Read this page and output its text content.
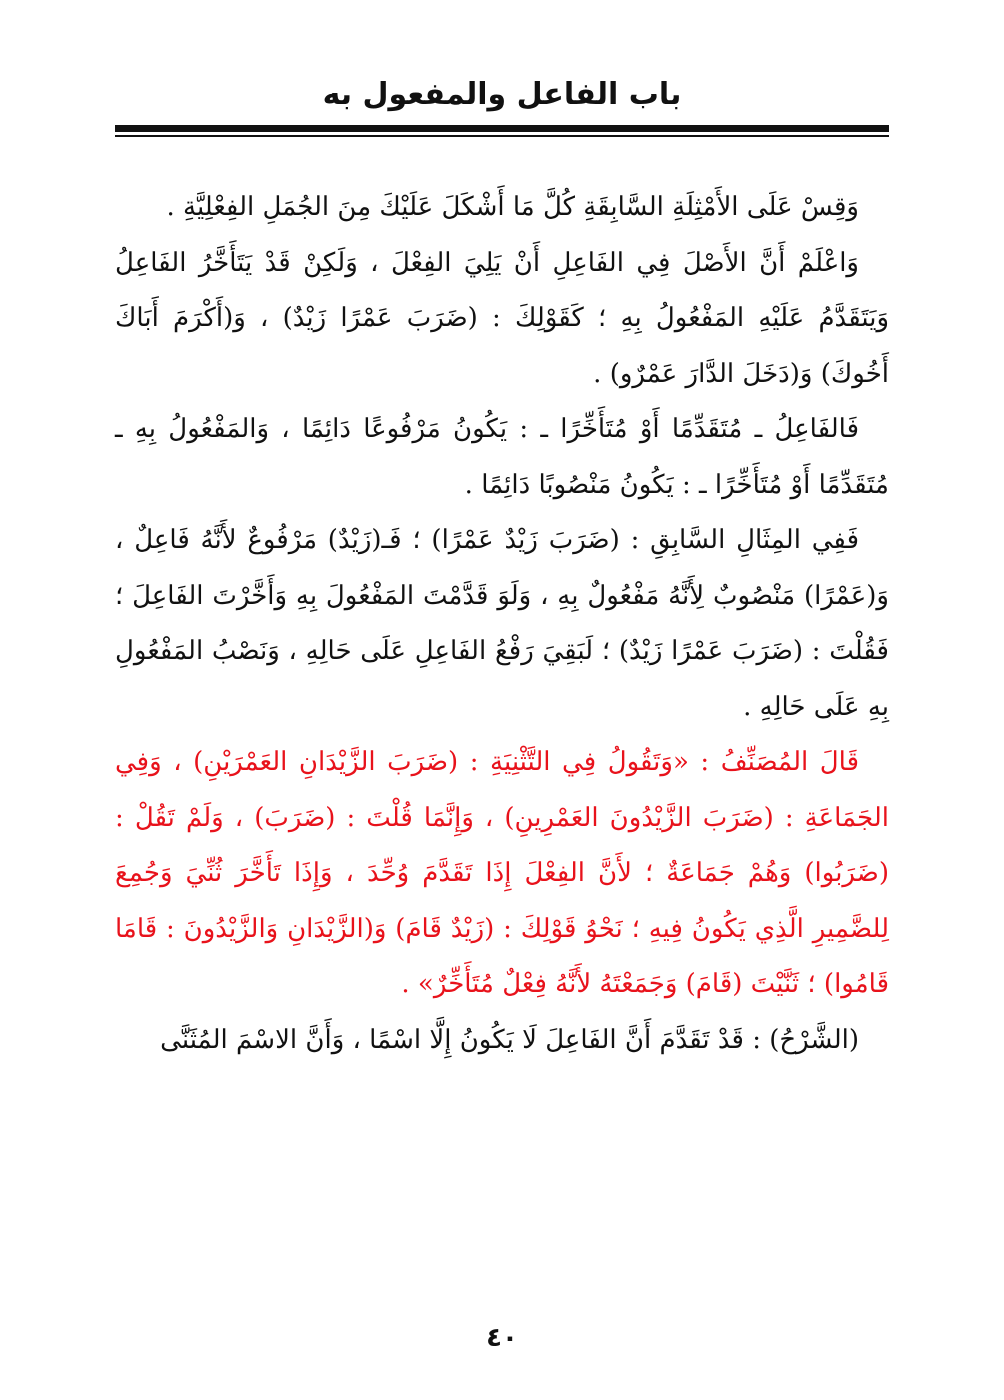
باب الفاعل والمفعول به

وَقِسْ عَلَى الأَمْثِلَةِ السَّابِقَةِ كُلَّ مَا أَشْكَلَ عَلَيْكَ مِنَ الجُمَلِ الفِعْلِيَّةِ .

وَاعْلَمْ أَنَّ الأَصْلَ فِي الفَاعِلِ أَنْ يَلِيَ الفِعْلَ ، وَلَكِنْ قَدْ يَتَأَخَّرُ الفَاعِلُ وَيَتَقَدَّمُ عَلَيْهِ المَفْعُولُ بِهِ ؛ كَقَوْلِكَ : (ضَرَبَ عَمْرًا زَيْدٌ) ، وَ(أَكْرَمَ أَبَاكَ أَخُوكَ) وَ(دَخَلَ الدَّارَ عَمْرٌو) .

فَالفَاعِلُ ـ مُتَقَدِّمًا أَوْ مُتَأَخِّرًا ـ : يَكُونُ مَرْفُوعًا دَائِمًا ، وَالمَفْعُولُ بِهِ ـ مُتَقَدِّمًا أَوْ مُتَأَخِّرًا ـ : يَكُونُ مَنْصُوبًا دَائِمًا .

فَفِي المِثَالِ السَّابِقِ : (ضَرَبَ زَيْدٌ عَمْرًا) ؛ فَـ(زَيْدٌ) مَرْفُوعٌ لأَنَّهُ فَاعِلٌ ، وَ(عَمْرًا) مَنْصُوبٌ لِأَنَّهُ مَفْعُولٌ بِهِ ، وَلَوَ قَدَّمْتَ المَفْعُولَ بِهِ وَأَخَّرْتَ الفَاعِلَ ؛ فَقُلْتَ : (ضَرَبَ عَمْرًا زَيْدٌ) ؛ لَبَقِيَ رَفْعُ الفَاعِلِ عَلَى حَالِهِ ، وَنَصْبُ المَفْعُولِ بِهِ عَلَى حَالِهِ .

قَالَ المُصَنِّفُ : «وَتَقُولُ فِي التَّثْنِيَةِ : (ضَرَبَ الزَّيْدَانِ العَمْرَيْنِ) ، وَفِي الجَمَاعَةِ : (ضَرَبَ الزَّيْدُونَ العَمْرِينِ) ، وَإِنَّمَا قُلْتَ : (ضَرَبَ) ، وَلَمْ تَقُلْ : (ضَرَبُوا) وَهُمْ جَمَاعَةٌ ؛ لأَنَّ الفِعْلَ إِذَا تَقَدَّمَ وُحِّدَ ، وَإِذَا تَأَخَّرَ ثُنِّيَ وَجُمِعَ لِلضَّمِيرِ الَّذِي يَكُونُ فِيهِ ؛ نَحْوُ قَوْلِكَ : (زَيْدٌ قَامَ) وَ(الزَّيْدَانِ وَالزَّيْدُونَ : قَامَا قَامُوا) ؛ ثَنَّيْتَ (قَامَ) وَجَمَعْتَهُ لأَنَّهُ فِعْلٌ مُتَأَخِّرٌ» .

(الشَّرْحُ) : قَدْ تَقَدَّمَ أَنَّ الفَاعِلَ لَا يَكُونُ إِلَّا اسْمًا ، وَأَنَّ الاسْمَ المُثَنَّى

٤٠
